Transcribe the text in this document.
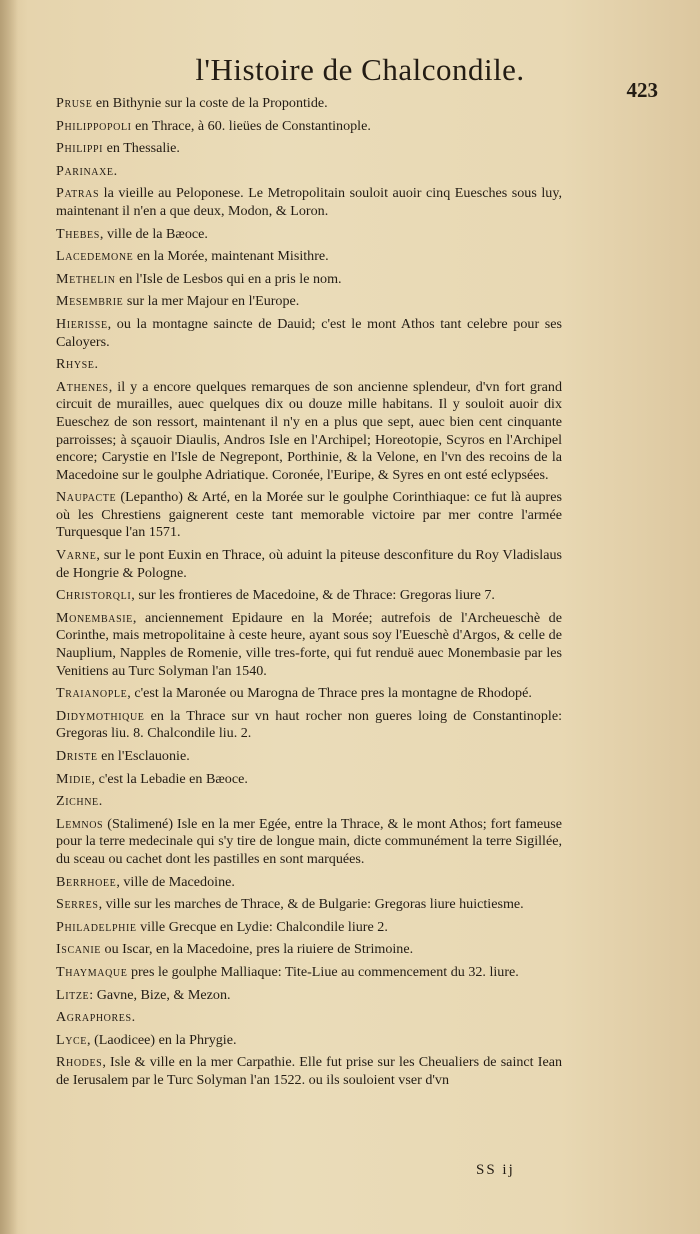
l'Histoire de Chalcondile.
423

Pruse en Bithynie sur la coste de la Propontide.

Philippopoli en Thrace, à 60. lieües de Constantinople.

Philippi en Thessalie.

Parinaxe.

Patras la vieille au Peloponese. Le Metropolitain souloit auoir cinq Euesches sous luy, maintenant il n'en a que deux, Modon, & Loron.

Thebes, ville de la Bæoce.

Lacedemone en la Morée, maintenant Misithre.

Methelin en l'Isle de Lesbos qui en a pris le nom.

Mesembrie sur la mer Majour en l'Europe.

Hierisse, ou la montagne saincte de Dauid; c'est le mont Athos tant celebre pour ses Caloyers.

Rhyse.

Athenes, il y a encore quelques remarques de son ancienne splendeur, d'vn fort grand circuit de murailles, auec quelques dix ou douze mille habitans. Il y souloit auoir dix Eueschez de son ressort, maintenant il n'y en a plus que sept, auec bien cent cinquante parroisses; à sçauoir Diaulis, Andros Isle en l'Archipel; Horeotopie, Scyros en l'Archipel encore; Carystie en l'Isle de Negrepont, Porthinie, & la Velone, en l'vn des recoins de la Macedoine sur le goulphe Adriatique. Coronée, l'Euripe, & Syres en ont esté eclypsées.

Naupacte (Lepantho) & Arté, en la Morée sur le goulphe Corinthiaque: ce fut là aupres où les Chrestiens gaignerent ceste tant memorable victoire par mer contre l'armée Turquesque l'an 1571.

Varne, sur le pont Euxin en Thrace, où aduint la piteuse desconfiture du Roy Vladislaus de Hongrie & Pologne.

Christorqli, sur les frontieres de Macedoine, & de Thrace: Gregoras liure 7.

Monembasie, anciennement Epidaure en la Morée; autrefois de l'Archeueschè de Corinthe, mais metropolitaine à ceste heure, ayant sous soy l'Eueschè d'Argos, & celle de Nauplium, Napples de Romenie, ville tres-forte, qui fut renduë auec Monembasie par les Venitiens au Turc Solyman l'an 1540.

Traianople, c'est la Maronée ou Marogna de Thrace pres la montagne de Rhodopé.

Didymothique en la Thrace sur vn haut rocher non gueres loing de Constantinople: Gregoras liu. 8. Chalcondile liu. 2.

Driste en l'Esclauonie.

Midie, c'est la Lebadie en Bæoce.

Zichne.

Lemnos (Stalimené) Isle en la mer Egée, entre la Thrace, & le mont Athos; fort fameuse pour la terre medecinale qui s'y tire de longue main, dicte communément la terre Sigillée, du sceau ou cachet dont les pastilles en sont marquées.

Berrhoee, ville de Macedoine.

Serres, ville sur les marches de Thrace, & de Bulgarie: Gregoras liure huictiesme.

Philadelphie ville Grecque en Lydie: Chalcondile liure 2.

Iscanie ou Iscar, en la Macedoine, pres la riuiere de Strimoine.

Thaymaque pres le goulphe Malliaque: Tite-Liue au commencement du 32. liure.

Litze: Gavne, Bize, & Mezon.

Agraphores.

Lyce, (Laodicee) en la Phrygie.

Rhodes, Isle & ville en la mer Carpathie. Elle fut prise sur les Cheualiers de sainct Iean de Ierusalem par le Turc Solyman l'an 1522. ou ils souloient vser d'vn

SS ij
